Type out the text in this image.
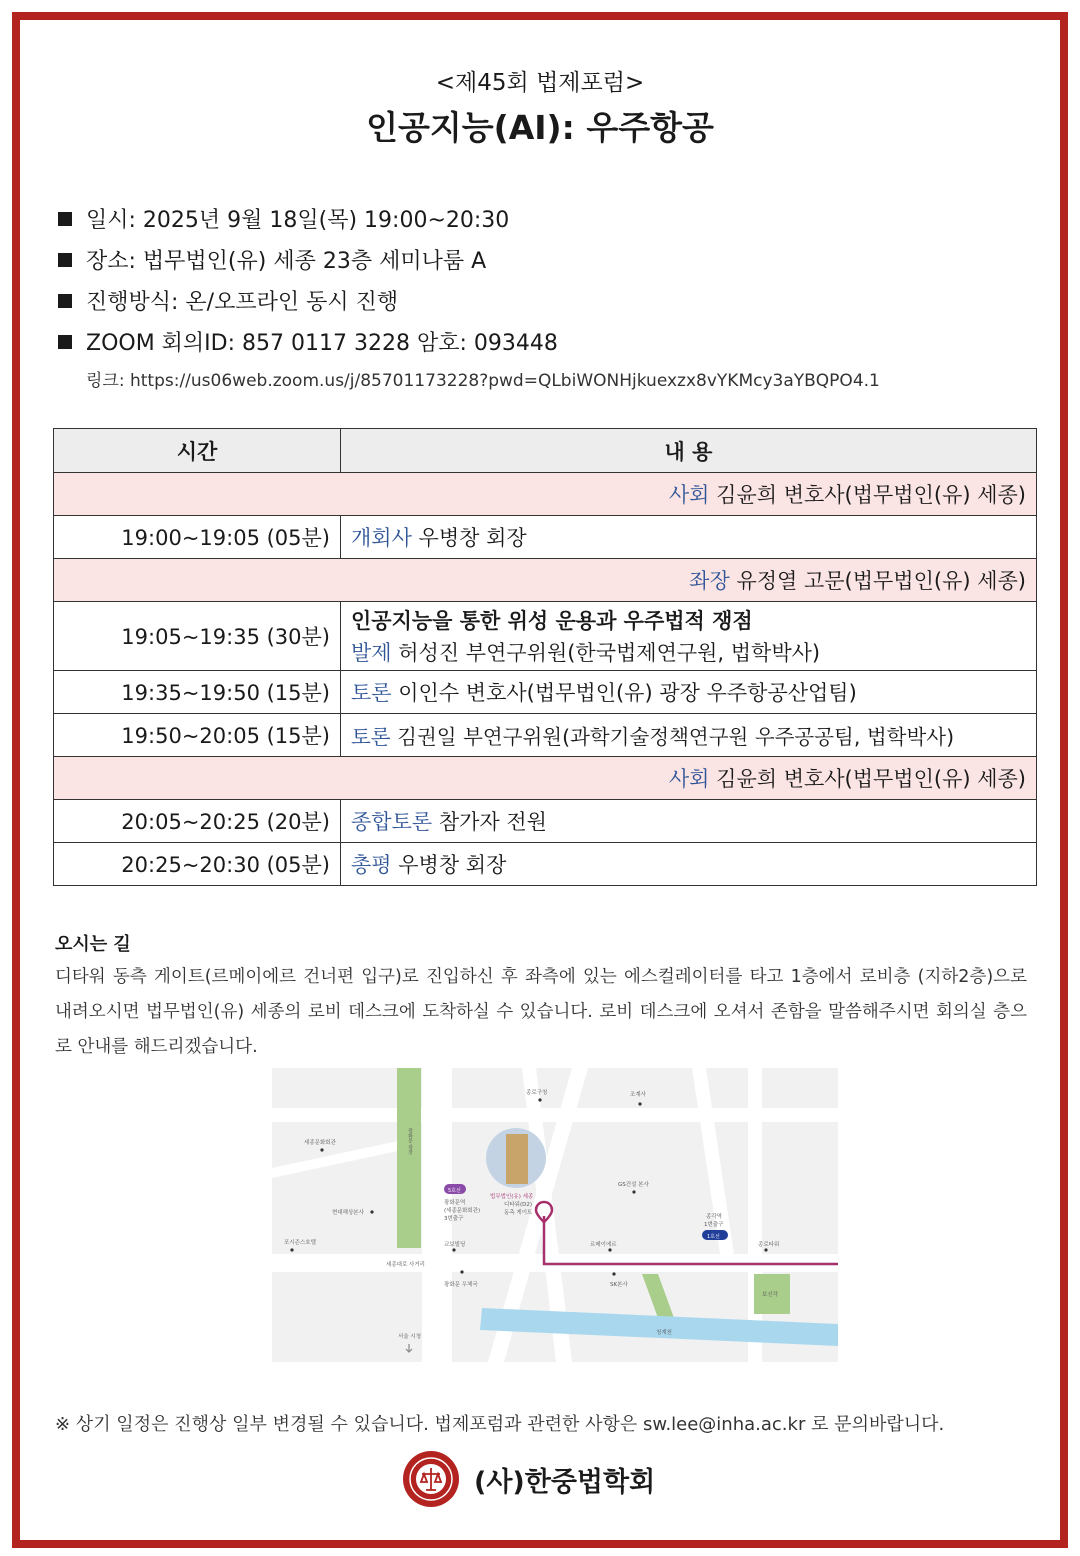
<제45회 법제포럼>
인공지능(AI): 우주항공
일시: 2025년 9월 18일(목) 19:00~20:30
장소: 법무법인(유) 세종 23층 세미나룸 A
진행방식: 온/오프라인 동시 진행
ZOOM 회의ID: 857 0117 3228 암호: 093448
링크: https://us06web.zoom.us/j/85701173228?pwd=QLbiWONHjkuexzx8vYKMcy3aYBQPO4.1
시간	내 용
사회 김윤희 변호사(법무법인(유) 세종)	
19:00~19:05 (05분)	개회사 우병창 회장
좌장 유정열 고문(법무법인(유) 세종)	
19:05~19:35 (30분)	인공지능을 통한 위성 운용과 우주법적 쟁점
발제 허성진 부연구위원(한국법제연구원, 법학박사)
19:35~19:50 (15분)	토론 이인수 변호사(법무법인(유) 광장 우주항공산업팀)
19:50~20:05 (15분)	토론 김권일 부연구위원(과학기술정책연구원 우주공공팀, 법학박사)
사회 김윤희 변호사(법무법인(유) 세종)	
20:05~20:25 (20분)	종합토론 참가자 전원
20:25~20:30 (05분)	총평 우병창 회장
오시는 길
디타워 동측 게이트(르메이에르 건너편 입구)로 진입하신 후 좌측에 있는 에스컬레이터를 타고 1층에서 로비층 (지하2층)으로 내려오시면 법무법인(유) 세종의 로비 데스크에 도착하실 수 있습니다. 로비 데스크에 오셔서 존함을 말씀해주시면 회의실 층으로 안내를 해드리겠습니다.
세종문화회관	광화문 광장
종로구청	조계사
현대해상본사
포시즌스호텔
5호선
광화문역
(세종문화회관)
3번출구
법무법인(유) 세종
디타워(D2)
동측 게이트
GS건설 본사
종각역
1번출구
1호선
교보빌딩	르메이에르	종로타워
세종대로 사거리
광화문 우체국	SK본사
보신각
청계천
서울 시청
※ 상기 일정은 진행상 일부 변경될 수 있습니다. 법제포럼과 관련한 사항은 sw.lee@inha.ac.kr 로 문의바랍니다.
(사)한중법학회
